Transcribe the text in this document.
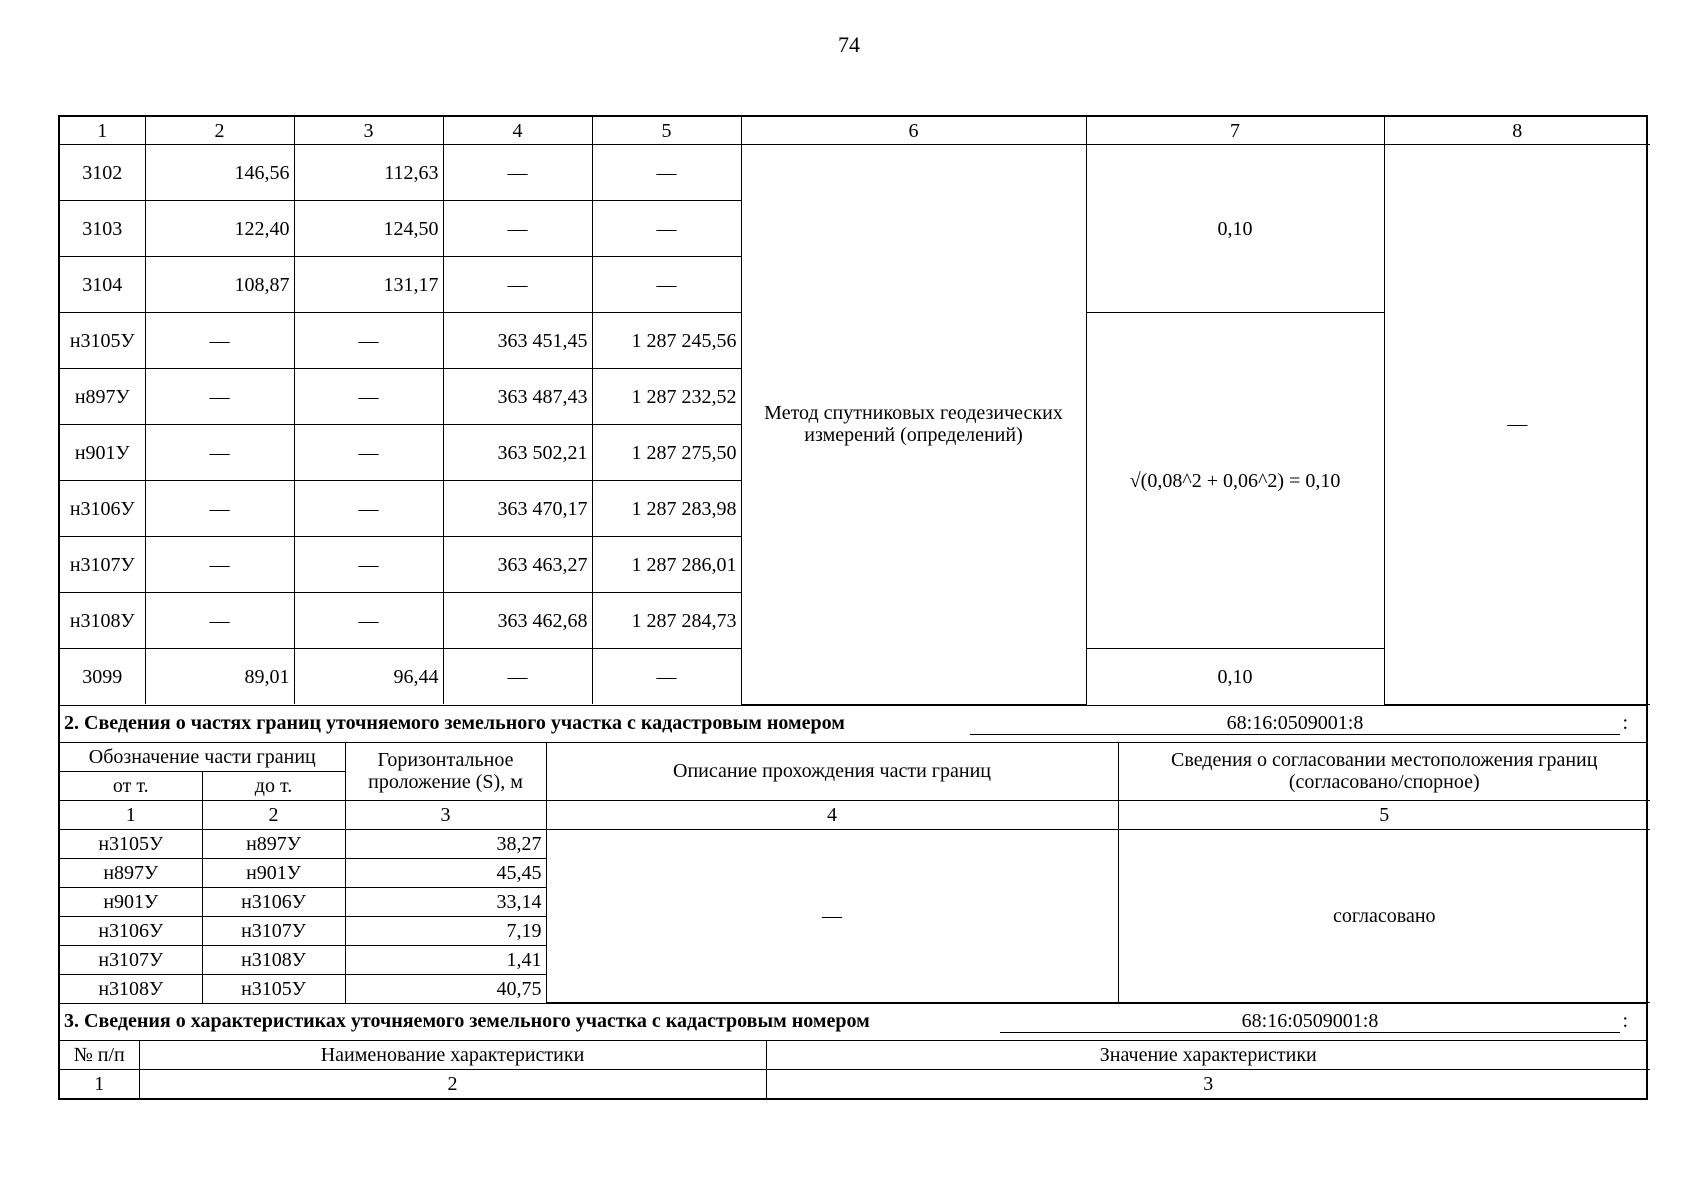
74
1	2	3	4	5	6	7	8
3102	146,56	112,63	—	—	Метод спутниковых геодезических измерений (определений)	0,10	—
3103	122,40	124,50	—	—			
3104	108,87	131,17	—	—			
н3105У	—	—	363 451,45	1 287 245,56		√(0,08^2 + 0,06^2) = 0,10	
н897У	—	—	363 487,43	1 287 232,52			
н901У	—	—	363 502,21	1 287 275,50			
н3106У	—	—	363 470,17	1 287 283,98			
н3107У	—	—	363 463,27	1 287 286,01			
н3108У	—	—	363 462,68	1 287 284,73			
3099	89,01	96,44	—	—		0,10	
2. Сведения о частях границ уточняемого земельного участка с кадастровым номером	68:16:0509001:8	:
Обозначение части границ		Горизонтальное проложение (S), м	Описание прохождения части границ	Сведения о согласовании местоположения границ (согласовано/спорное)
от т.	до т.			
1	2	3	4	5
н3105У	н897У	38,27	—	согласовано
н897У	н901У	45,45		
н901У	н3106У	33,14		
н3106У	н3107У	7,19		
н3107У	н3108У	1,41		
н3108У	н3105У	40,75		
3. Сведения о характеристиках уточняемого земельного участка с кадастровым номером	68:16:0509001:8	:
№ п/п	Наименование характеристики	Значение характеристики
1	2	3
